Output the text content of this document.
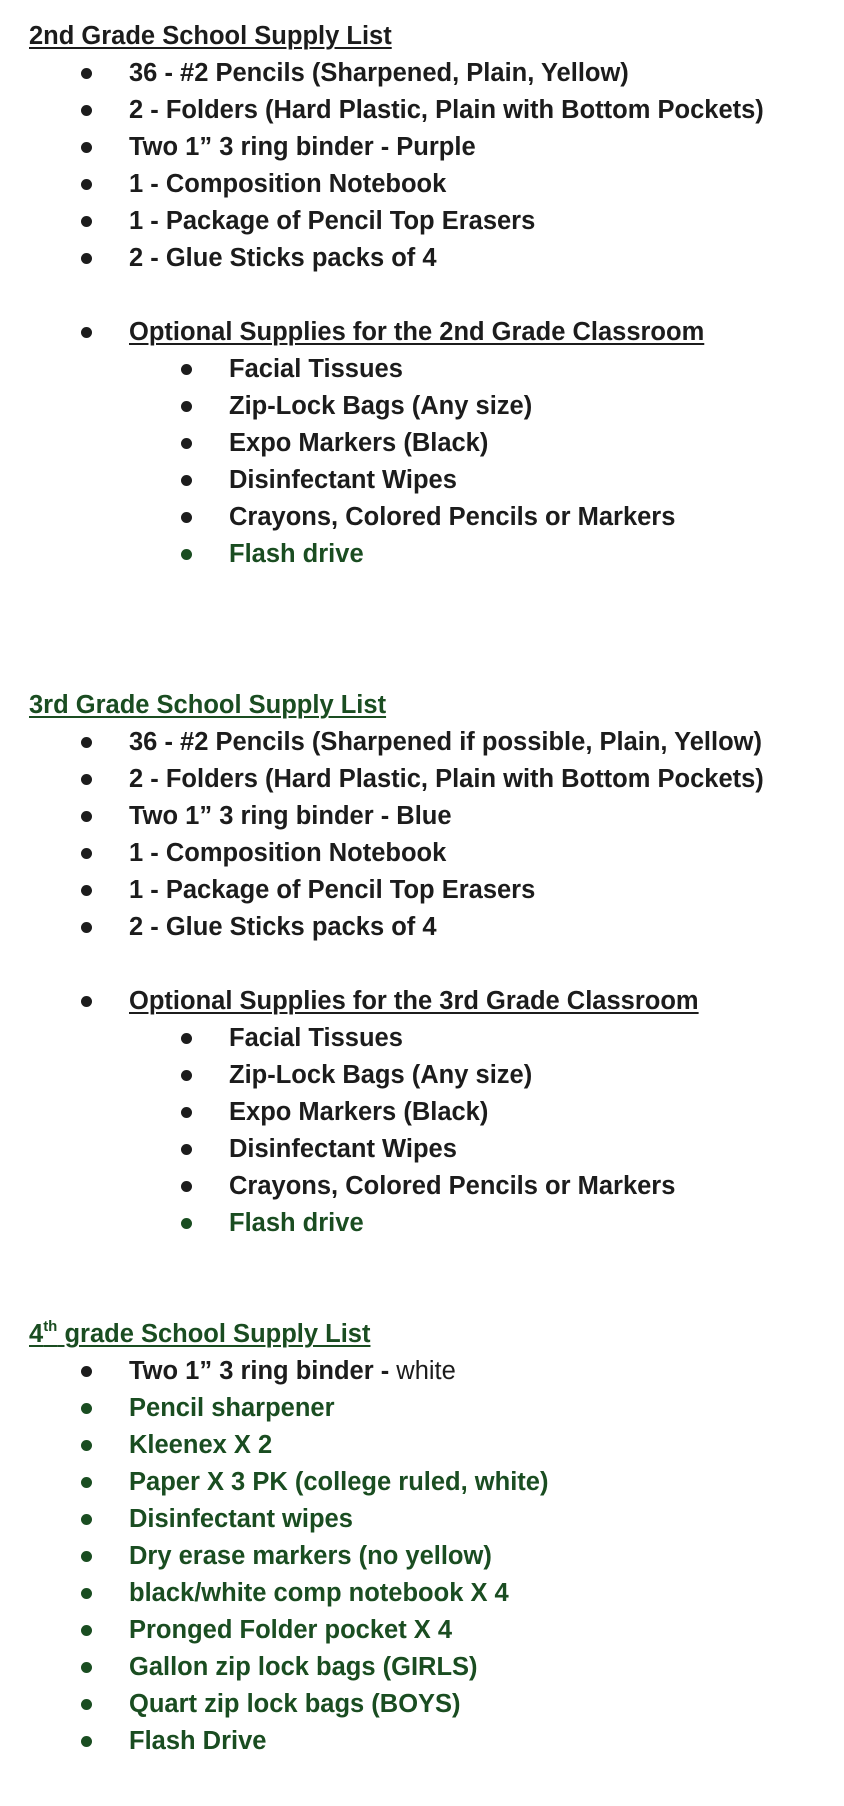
2nd Grade School Supply List
36 - #2 Pencils (Sharpened, Plain, Yellow)
2 - Folders (Hard Plastic, Plain with Bottom Pockets)
Two 1” 3 ring binder - Purple
1 - Composition Notebook
1 - Package of Pencil Top Erasers
2 - Glue Sticks packs of 4
Optional Supplies for the 2nd Grade Classroom
Facial Tissues
Zip-Lock Bags (Any size)
Expo Markers (Black)
Disinfectant Wipes
Crayons, Colored Pencils or Markers
Flash drive
3rd Grade School Supply List
36 - #2 Pencils (Sharpened if possible, Plain, Yellow)
2 - Folders (Hard Plastic, Plain with Bottom Pockets)
Two 1” 3 ring binder - Blue
1 - Composition Notebook
1 - Package of Pencil Top Erasers
2 - Glue Sticks packs of 4
Optional Supplies for the 3rd Grade Classroom
Facial Tissues
Zip-Lock Bags (Any size)
Expo Markers (Black)
Disinfectant Wipes
Crayons, Colored Pencils or Markers
Flash drive
4th grade School Supply List
Two 1” 3 ring binder - white
Pencil sharpener
Kleenex X 2
Paper X 3 PK (college ruled, white)
Disinfectant wipes
Dry erase markers (no yellow)
black/white comp notebook X 4
Pronged Folder pocket X 4
Gallon zip lock bags (GIRLS)
Quart zip lock bags (BOYS)
Flash Drive
